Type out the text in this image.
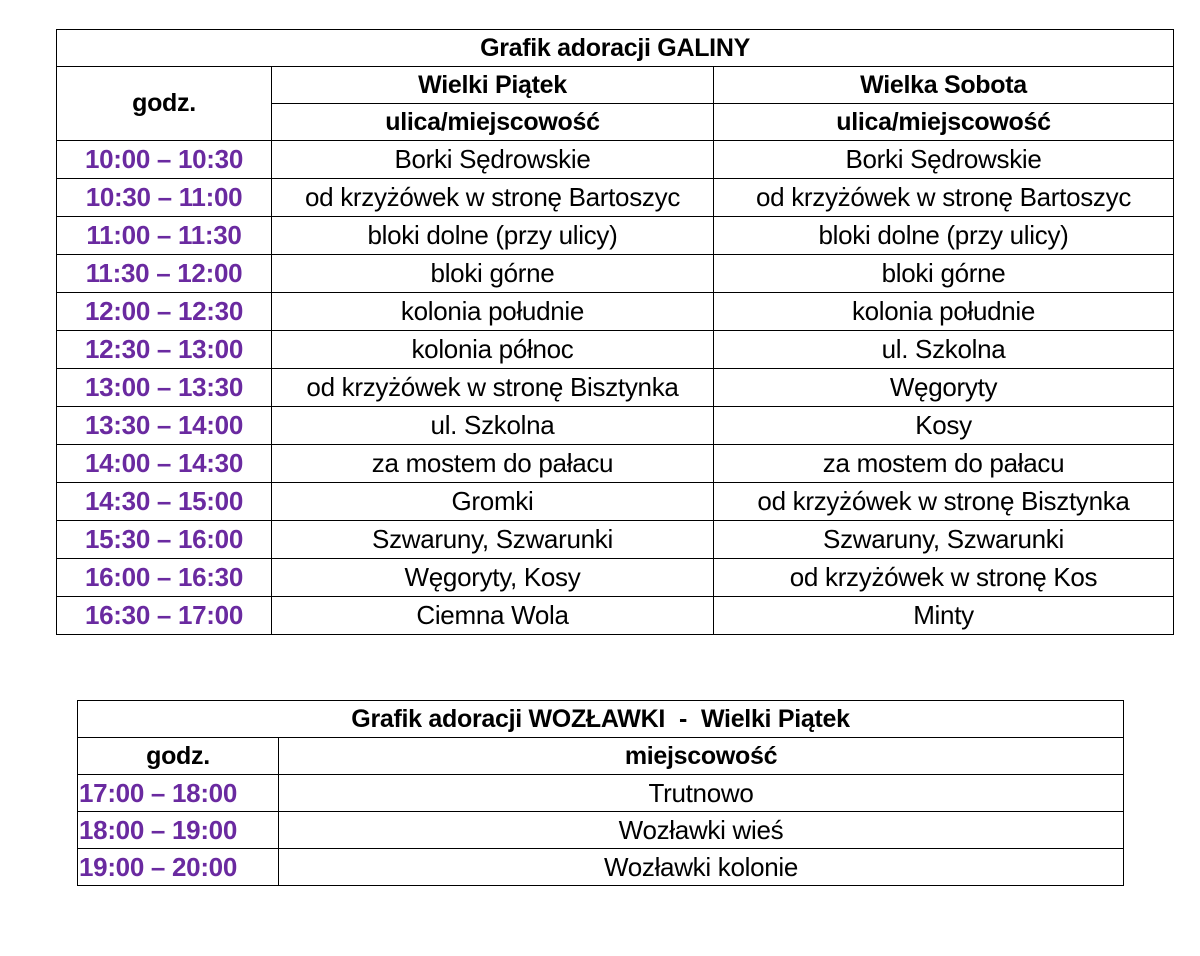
Grafik adoracji GALINY		
godz.	Wielki Piątek	Wielka Sobota
	ulica/miejscowość	ulica/miejscowość
10:00 – 10:30	Borki Sędrowskie	Borki Sędrowskie
10:30 – 11:00	od krzyżówek w stronę Bartoszyc	od krzyżówek w stronę Bartoszyc
11:00 – 11:30	bloki dolne (przy ulicy)	bloki dolne (przy ulicy)
11:30 – 12:00	bloki górne	bloki górne
12:00 – 12:30	kolonia południe	kolonia południe
12:30 – 13:00	kolonia północ	ul. Szkolna
13:00 – 13:30	od krzyżówek w stronę Bisztynka	Węgoryty
13:30 – 14:00	ul. Szkolna	Kosy
14:00 – 14:30	za mostem do pałacu	za mostem do pałacu
14:30 – 15:00	Gromki	od krzyżówek w stronę Bisztynka
15:30 – 16:00	Szwaruny, Szwarunki	Szwaruny, Szwarunki
16:00 – 16:30	Węgoryty, Kosy	od krzyżówek w stronę Kos
16:30 – 17:00	Ciemna Wola	Minty
Grafik adoracji WOZŁAWKI - Wielki Piątek	
godz.	miejscowość
17:00 – 18:00	Trutnowo
18:00 – 19:00	Wozławki wieś
19:00 – 20:00	Wozławki kolonie
